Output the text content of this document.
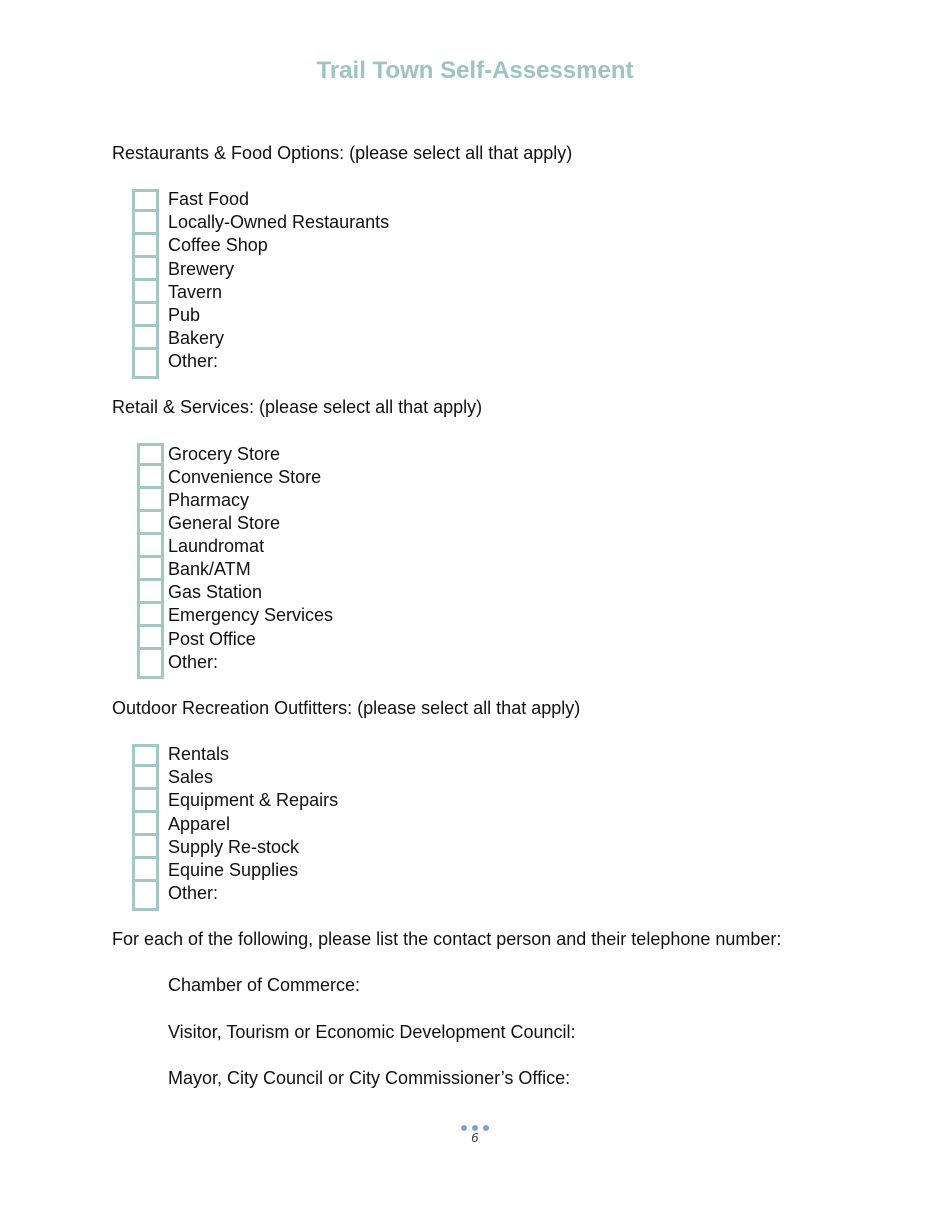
Trail Town Self-Assessment
Restaurants & Food Options: (please select all that apply)
Fast Food
Locally-Owned Restaurants
Coffee Shop
Brewery
Tavern
Pub
Bakery
Other:
Retail & Services: (please select all that apply)
Grocery Store
Convenience Store
Pharmacy
General Store
Laundromat
Bank/ATM
Gas Station
Emergency Services
Post Office
Other:
Outdoor Recreation Outfitters: (please select all that apply)
Rentals
Sales
Equipment & Repairs
Apparel
Supply Re-stock
Equine Supplies
Other:
For each of the following, please list the contact person and their telephone number:
Chamber of Commerce:
Visitor, Tourism or Economic Development Council:
Mayor, City Council or City Commissioner’s Office:
6
